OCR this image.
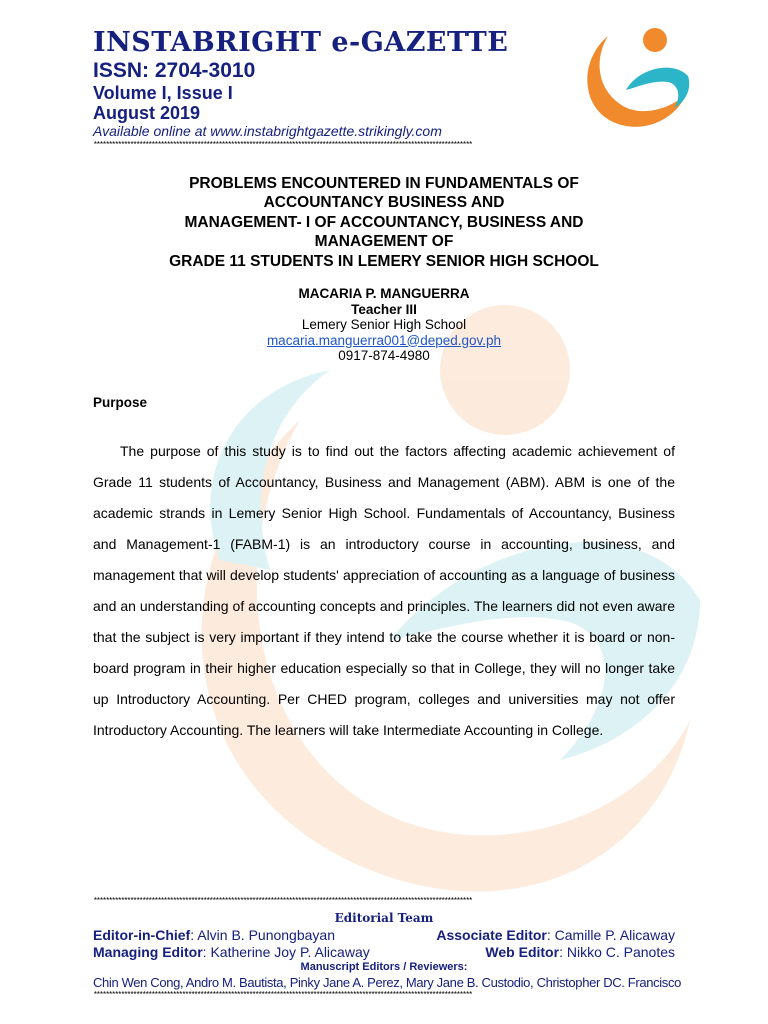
INSTABRIGHT e-GAZETTE
ISSN: 2704-3010
Volume I, Issue I
August 2019
Available online at www.instabrightgazette.strikingly.com
****************************************************************************************************************************
PROBLEMS ENCOUNTERED IN FUNDAMENTALS OF
ACCOUNTANCY BUSINESS AND
MANAGEMENT- I OF ACCOUNTANCY, BUSINESS AND
MANAGEMENT OF
GRADE 11 STUDENTS IN LEMERY SENIOR HIGH SCHOOL
MACARIA P. MANGUERRA
Teacher III
Lemery Senior High School
macaria.manguerra001@deped.gov.ph
0917-874-4980
Purpose
The purpose of this study is to find out the factors affecting academic achievement of Grade 11 students of Accountancy, Business and Management (ABM). ABM is one of the academic strands in Lemery Senior High School. Fundamentals of Accountancy, Business and Management-1 (FABM-1) is an introductory course in accounting, business, and management that will develop students' appreciation of accounting as a language of business and an understanding of accounting concepts and principles. The learners did not even aware that the subject is very important if they intend to take the course whether it is board or non-board program in their higher education especially so that in College, they will no longer take up Introductory Accounting. Per CHED program, colleges and universities may not offer Introductory Accounting. The learners will take Intermediate Accounting in College.
****************************************************************************************************************************
Editorial Team
Editor-in-Chief: Alvin B. Punongbayan	Associate Editor: Camille P. Alicaway
Managing Editor: Katherine Joy P. Alicaway	Web Editor: Nikko C. Panotes
Manuscript Editors / Reviewers:
Chin Wen Cong, Andro M. Bautista, Pinky Jane A. Perez, Mary Jane B. Custodio, Christopher DC. Francisco
****************************************************************************************************************************
